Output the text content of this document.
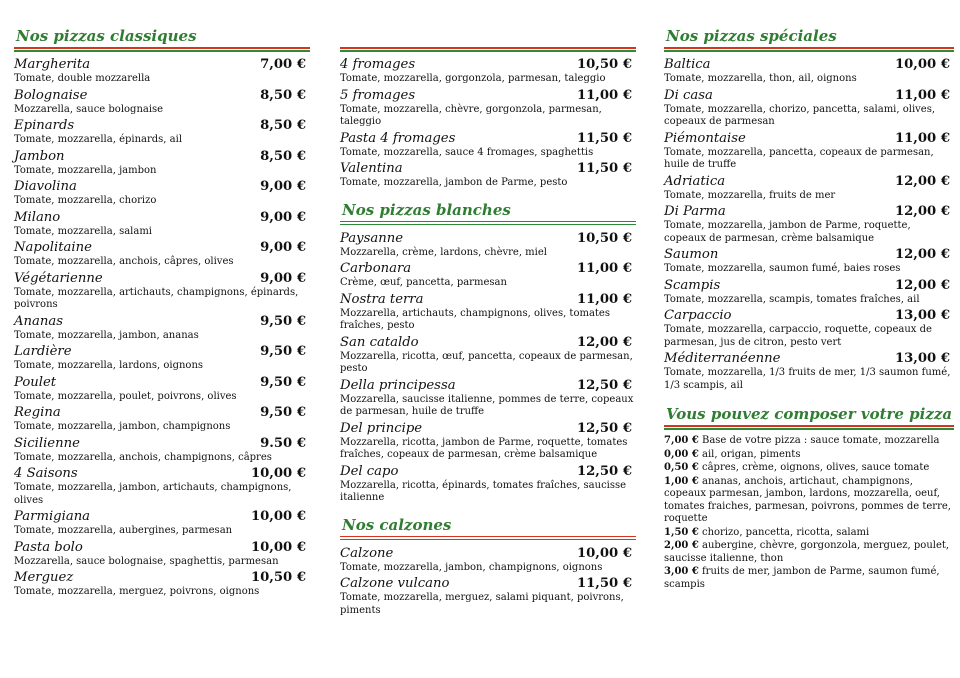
Nos pizzas classiques
Margherita	7,00 €
Tomate, double mozzarella
Bolognaise	8,50 €
Mozzarella, sauce bolognaise
Epinards	8,50 €
Tomate, mozzarella, épinards, ail
Jambon	8,50 €
Tomate, mozzarella, jambon
Diavolina	9,00 €
Tomate, mozzarella, chorizo
Milano	9,00 €
Tomate, mozzarella, salami
Napolitaine	9,00 €
Tomate, mozzarella, anchois, câpres, olives
Végétarienne	9,00 €
Tomate, mozzarella, artichauts, champignons, épinards, poivrons
Ananas	9,50 €
Tomate, mozzarella, jambon, ananas
Lardière	9,50 €
Tomate, mozzarella, lardons, oignons
Poulet	9,50 €
Tomate, mozzarella, poulet, poivrons, olives
Regina	9,50 €
Tomate, mozzarella, jambon, champignons
Sicilienne	9.50 €
Tomate, mozzarella, anchois, champignons, câpres
4 Saisons	10,00 €
Tomate, mozzarella, jambon, artichauts, champignons, olives
Parmigiana	10,00 €
Tomate, mozzarella, aubergines, parmesan
Pasta bolo	10,00 €
Mozzarella, sauce bolognaise, spaghettis, parmesan
Merguez	10,50 €
Tomate, mozzarella, merguez, poivrons, oignons
4 fromages	10,50 €
Tomate, mozzarella, gorgonzola, parmesan, taleggio
5 fromages	11,00 €
Tomate, mozzarella, chèvre, gorgonzola, parmesan, taleggio
Pasta 4 fromages	11,50 €
Tomate, mozzarella, sauce 4 fromages, spaghettis
Valentina	11,50 €
Tomate, mozzarella, jambon de Parme, pesto
Nos pizzas blanches
Paysanne	10,50 €
Mozzarella, crème, lardons, chèvre, miel
Carbonara	11,00 €
Crème, œuf, pancetta, parmesan
Nostra terra	11,00 €
Mozzarella, artichauts, champignons, olives, tomates fraîches, pesto
San cataldo	12,00 €
Mozzarella, ricotta, œuf, pancetta, copeaux de parmesan, pesto
Della principessa	12,50 €
Mozzarella, saucisse italienne, pommes de terre, copeaux de parmesan, huile de truffe
Del principe	12,50 €
Mozzarella, ricotta, jambon de Parme, roquette, tomates fraîches, copeaux de parmesan, crème balsamique
Del capo	12,50 €
Mozzarella, ricotta, épinards, tomates fraîches, saucisse italienne
Nos calzones
Calzone	10,00 €
Tomate, mozzarella, jambon, champignons, oignons
Calzone vulcano	11,50 €
Tomate, mozzarella, merguez, salami piquant, poivrons, piments
Nos pizzas spéciales
Baltica	10,00 €
Tomate, mozzarella, thon, ail, oignons
Di casa	11,00 €
Tomate, mozzarella, chorizo, pancetta, salami, olives, copeaux de parmesan
Piémontaise	11,00 €
Tomate, mozzarella, pancetta, copeaux de parmesan, huile de truffe
Adriatica	12,00 €
Tomate, mozzarella, fruits de mer
Di Parma	12,00 €
Tomate, mozzarella, jambon de Parme, roquette, copeaux de parmesan, crème balsamique
Saumon	12,00 €
Tomate, mozzarella, saumon fumé, baies roses
Scampis	12,00 €
Tomate, mozzarella, scampis, tomates fraîches, ail
Carpaccio	13,00 €
Tomate, mozzarella, carpaccio, roquette, copeaux de parmesan, jus de citron, pesto vert
Méditerranéenne	13,00 €
Tomate, mozzarella, 1/3 fruits de mer, 1/3 saumon fumé, 1/3 scampis, ail
Vous pouvez composer votre pizza
7,00 € Base de votre pizza : sauce tomate, mozzarella
0,00 € ail, origan, piments
0,50 € câpres, crème, oignons, olives, sauce tomate
1,00 € ananas, anchois, artichaut, champignons, copeaux parmesan, jambon, lardons, mozzarella, oeuf, tomates fraiches, parmesan, poivrons, pommes de terre, roquette
1,50 € chorizo, pancetta, ricotta, salami
2,00 € aubergine, chèvre, gorgonzola, merguez, poulet, saucisse italienne, thon
3,00 € fruits de mer, jambon de Parme, saumon fumé, scampis
